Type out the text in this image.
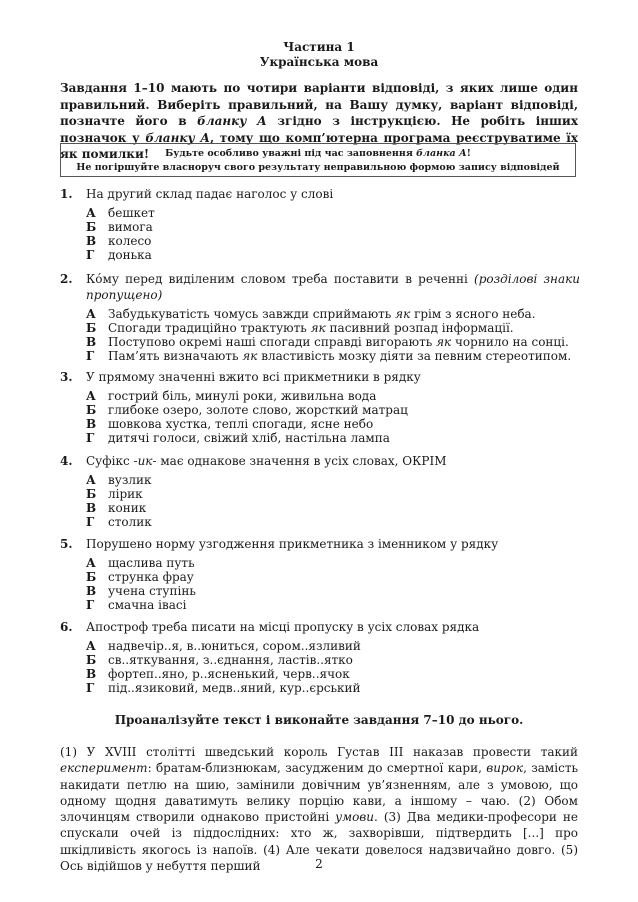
Частина 1
Українська мова
Завдання 1–10 мають по чотири варіанти відповіді, з яких лише один правильний. Виберіть правильний, на Вашу думку, варіант відповіді, позначте його в бланку А згідно з інструкцією. Не робіть інших позначок у бланку А, тому що комп’ютерна програма реєструватиме їх як помилки!	Будьте особливо уважні під час заповнення бланка А!
Не погіршуйте власноруч свого результату неправильною формою запису відповідей
1.	На другий склад падає наголос у слові
А	бешкет
Б вимога
В колесо
Г	донька
2.	Кóму перед виділеним словом треба поставити в реченні (розділові знаки пропущено)
А	Забудькуватість чомусь завжди сприймають як грім з ясного неба.
Б Спогади традиційно трактують як пасивний розпад інформації.
В Поступово окремі наші спогади справді вигорають як чорнило на сонці.
Г	Пам’ять визначають як властивість мозку діяти за певним стереотипом.
3.	У прямому значенні вжито всі прикметники в рядку
А	гострий біль, минулі роки, живильна вода
Б глибоке озеро, золоте слово, жорсткий матрац
В шовкова хустка, теплі спогади, ясне небо
Г	дитячі голоси, свіжий хліб, настільна лампа
4.	Суфікс -ик- має однакове значення в усіх словах, ОКРІМ
А	вузлик
Б лірик
В коник
Г	столик
5.	Порушено норму узгодження прикметника з іменником у рядку
А	щаслива путь
Б струнка фрау
В учена ступінь
Г	смачна івасі
6.	Апостроф треба писати на місці пропуску в усіх словах рядка
А	надвечір..я, в..юниться, сором..язливий
Б св..яткування, з..єднання, ластів..ятко
В фортеп..яно, р..ясненький, черв..ячок
Г	під..язиковий, медв..яний, кур..єрський
Проаналізуйте текст і виконайте завдання 7–10 до нього.
(1) У XVIII столітті шведський король Густав III наказав провести такий експеримент: братам-близнюкам, засудженим до смертної кари, вирок, замість накидати петлю на шию, замінили довічним ув’язненням, але з умовою, що одному щодня даватимуть велику порцію кави, а іншому – чаю. (2) Обом злочинцям створили однаково пристойні умови. (3) Два медики-професори не спускали очей із піддослідних: хто ж, захворівши, підтвердить [...] про шкідливість якогось із напоїв. (4) Але чекати довелося надзвичайно довго. (5) Ось відійшов у небуття перший	2
